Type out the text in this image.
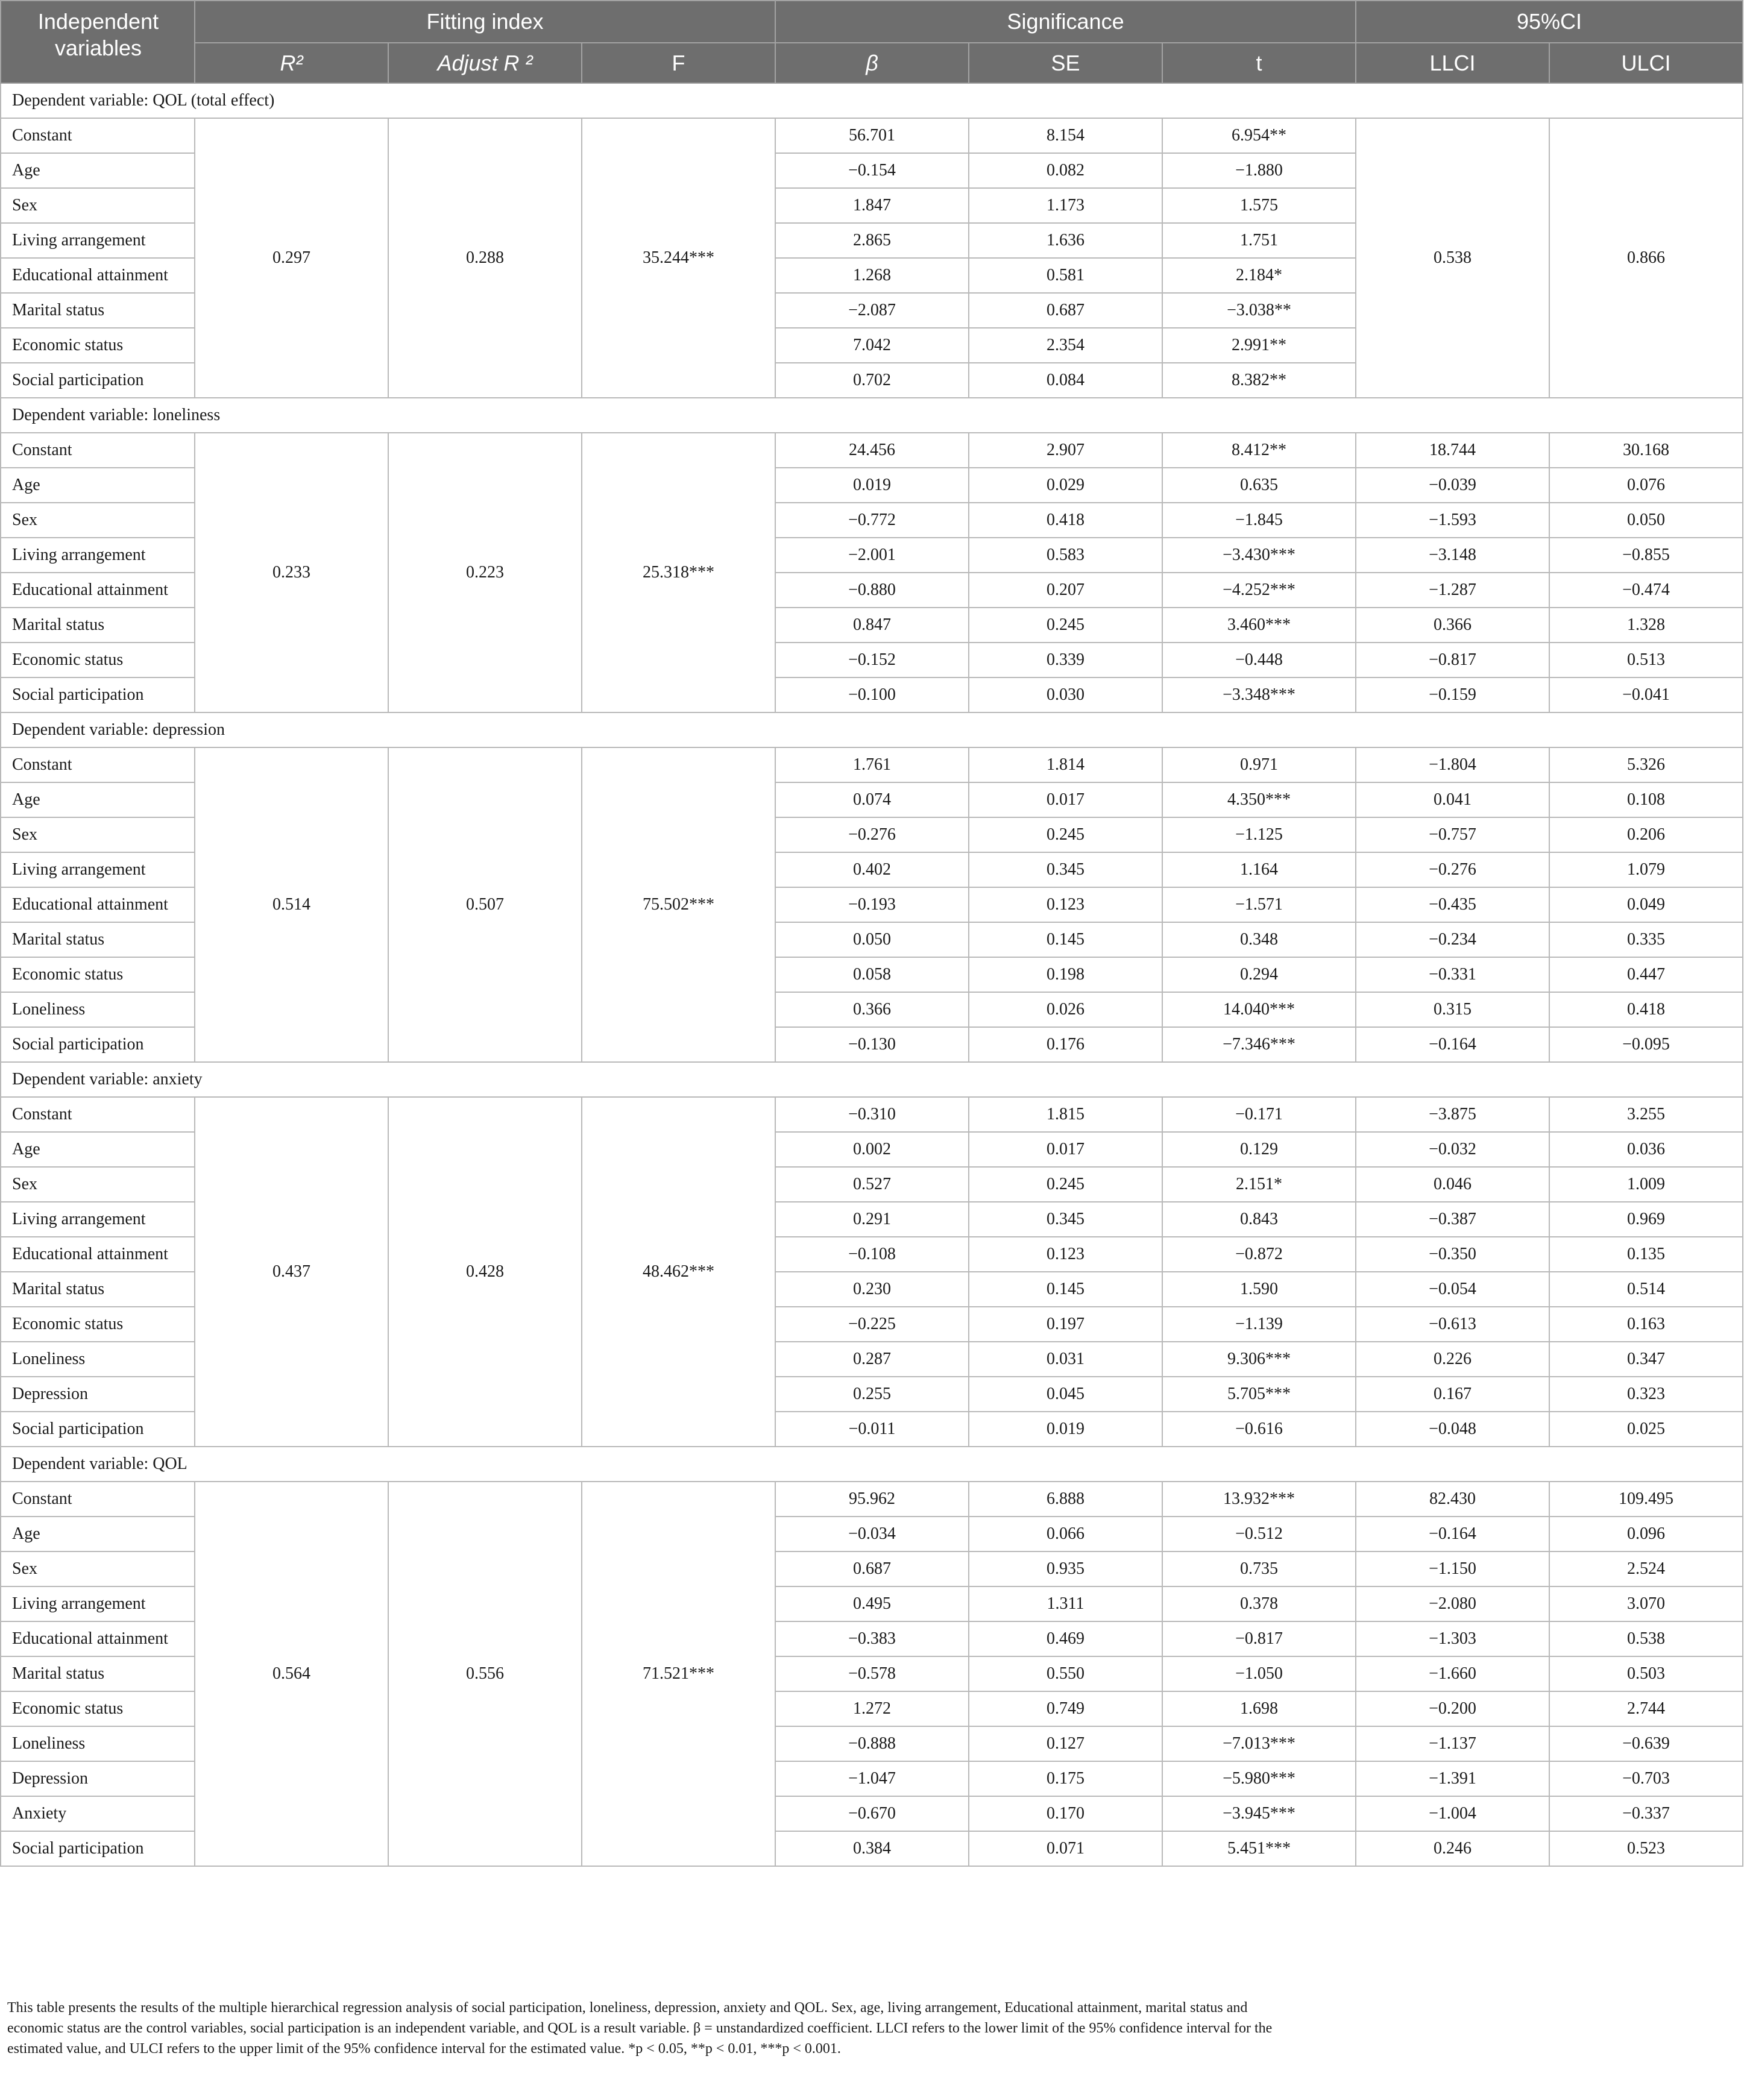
Independent variables	Fitting index			Significance			95%CI	
	R²	Adjust R ²	F	β	SE	t	LLCI	ULCI
Dependent variable: QOL (total effect)								
Constant	0.297	0.288	35.244***	56.701	8.154	6.954**	0.538	0.866
Age				−0.154	0.082	−1.880		
Sex				1.847	1.173	1.575		
Living arrangement				2.865	1.636	1.751		
Educational attainment				1.268	0.581	2.184*		
Marital status				−2.087	0.687	−3.038**		
Economic status				7.042	2.354	2.991**		
Social participation				0.702	0.084	8.382**		
Dependent variable: loneliness								
Constant	0.233	0.223	25.318***	24.456	2.907	8.412**	18.744	30.168
Age				0.019	0.029	0.635	−0.039	0.076
Sex				−0.772	0.418	−1.845	−1.593	0.050
Living arrangement				−2.001	0.583	−3.430***	−3.148	−0.855
Educational attainment				−0.880	0.207	−4.252***	−1.287	−0.474
Marital status				0.847	0.245	3.460***	0.366	1.328
Economic status				−0.152	0.339	−0.448	−0.817	0.513
Social participation				−0.100	0.030	−3.348***	−0.159	−0.041
Dependent variable: depression								
Constant	0.514	0.507	75.502***	1.761	1.814	0.971	−1.804	5.326
Age				0.074	0.017	4.350***	0.041	0.108
Sex				−0.276	0.245	−1.125	−0.757	0.206
Living arrangement				0.402	0.345	1.164	−0.276	1.079
Educational attainment				−0.193	0.123	−1.571	−0.435	0.049
Marital status				0.050	0.145	0.348	−0.234	0.335
Economic status				0.058	0.198	0.294	−0.331	0.447
Loneliness				0.366	0.026	14.040***	0.315	0.418
Social participation				−0.130	0.176	−7.346***	−0.164	−0.095
Dependent variable: anxiety								
Constant	0.437	0.428	48.462***	−0.310	1.815	−0.171	−3.875	3.255
Age				0.002	0.017	0.129	−0.032	0.036
Sex				0.527	0.245	2.151*	0.046	1.009
Living arrangement				0.291	0.345	0.843	−0.387	0.969
Educational attainment				−0.108	0.123	−0.872	−0.350	0.135
Marital status				0.230	0.145	1.590	−0.054	0.514
Economic status				−0.225	0.197	−1.139	−0.613	0.163
Loneliness				0.287	0.031	9.306***	0.226	0.347
Depression				0.255	0.045	5.705***	0.167	0.323
Social participation				−0.011	0.019	−0.616	−0.048	0.025
Dependent variable: QOL								
Constant	0.564	0.556	71.521***	95.962	6.888	13.932***	82.430	109.495
Age				−0.034	0.066	−0.512	−0.164	0.096
Sex				0.687	0.935	0.735	−1.150	2.524
Living arrangement				0.495	1.311	0.378	−2.080	3.070
Educational attainment				−0.383	0.469	−0.817	−1.303	0.538
Marital status				−0.578	0.550	−1.050	−1.660	0.503
Economic status				1.272	0.749	1.698	−0.200	2.744
Loneliness				−0.888	0.127	−7.013***	−1.137	−0.639
Depression				−1.047	0.175	−5.980***	−1.391	−0.703
Anxiety				−0.670	0.170	−3.945***	−1.004	−0.337
Social participation				0.384	0.071	5.451***	0.246	0.523
This table presents the results of the multiple hierarchical regression analysis of social participation, loneliness, depression, anxiety and QOL. Sex, age, living arrangement, Educational attainment, marital status and economic status are the control variables, social participation is an independent variable, and QOL is a result variable. β = unstandardized coefficient. LLCI refers to the lower limit of the 95% confidence interval for the estimated value, and ULCI refers to the upper limit of the 95% confidence interval for the estimated value. *p < 0.05, **p < 0.01, ***p < 0.001.
